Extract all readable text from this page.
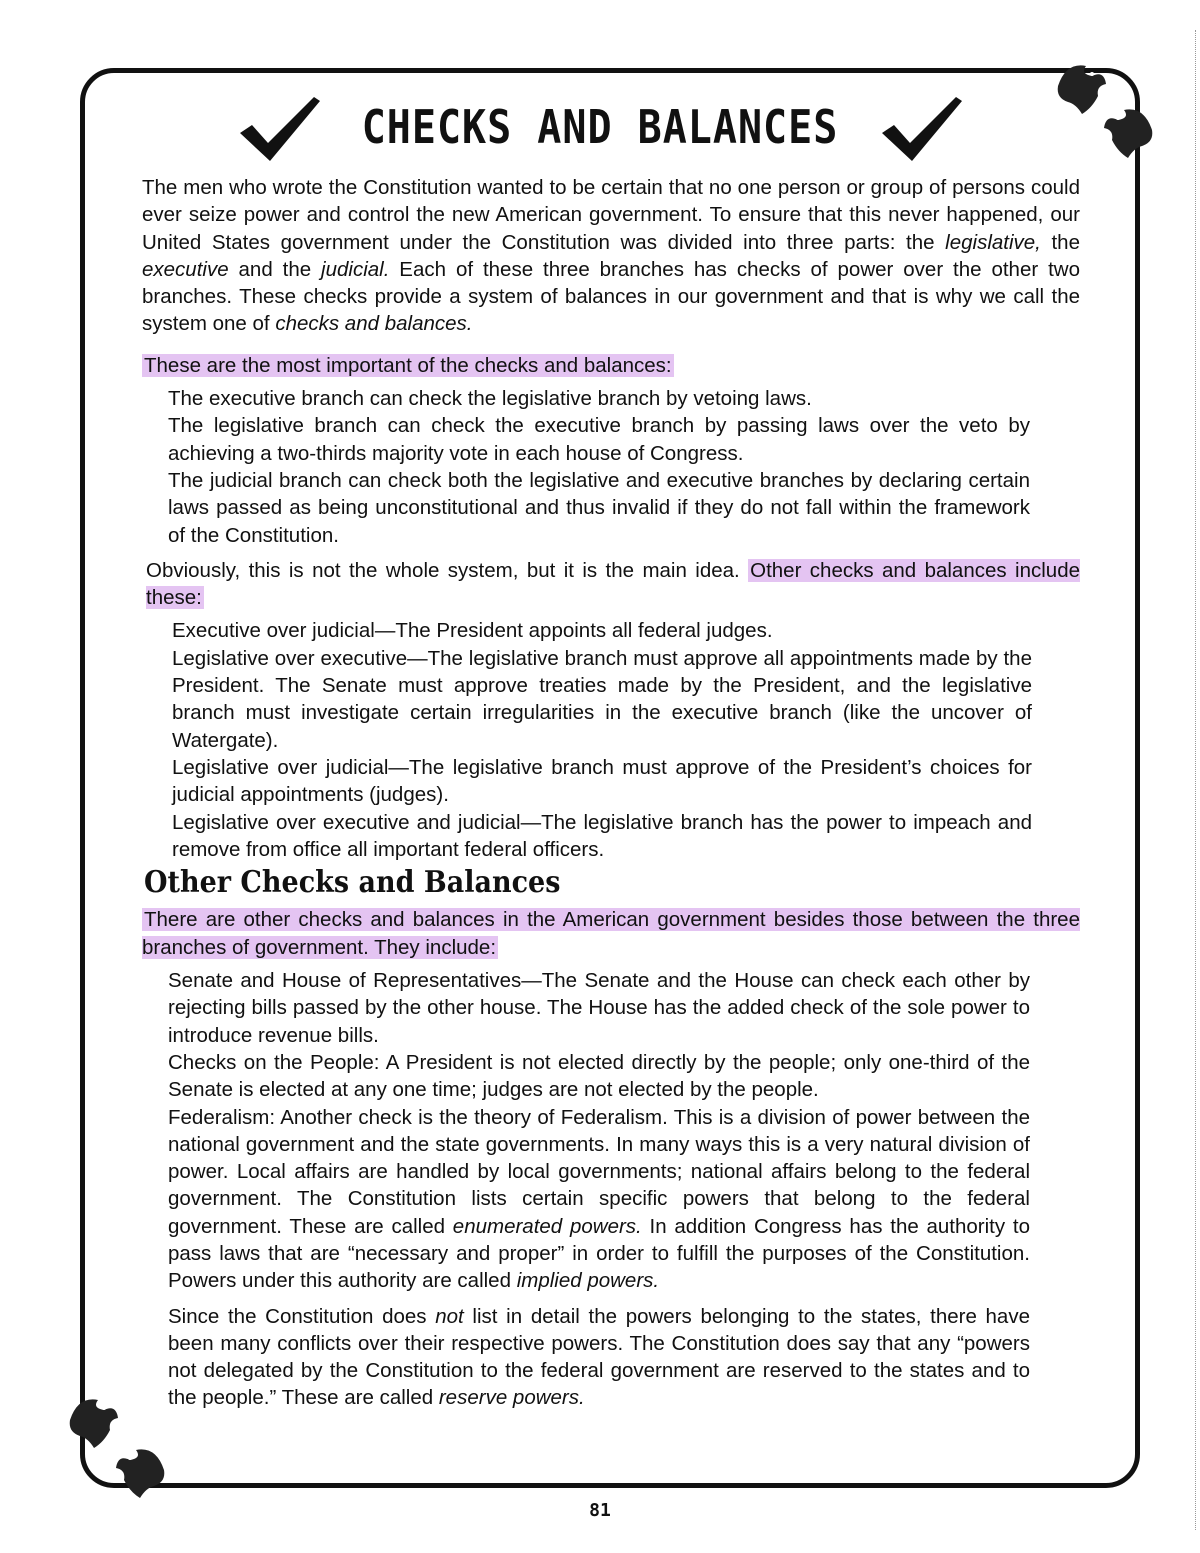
CHECKS AND BALANCES

The men who wrote the Constitution wanted to be certain that no one person or group of persons could ever seize power and control the new American government. To ensure that this never happened, our United States government under the Constitution was divided into three parts: the legislative, the executive and the judicial. Each of these three branches has checks of power over the other two branches. These checks provide a system of balances in our government and that is why we call the system one of checks and balances.

These are the most important of the checks and balances:

The executive branch can check the legislative branch by vetoing laws.

The legislative branch can check the executive branch by passing laws over the veto by achieving a two-thirds majority vote in each house of Congress.

The judicial branch can check both the legislative and executive branches by declaring certain laws passed as being unconstitutional and thus invalid if they do not fall within the framework of the Constitution.

Obviously, this is not the whole system, but it is the main idea. Other checks and balances include these:

Executive over judicial—The President appoints all federal judges.

Legislative over executive—The legislative branch must approve all appointments made by the President. The Senate must approve treaties made by the President, and the legislative branch must investigate certain irregularities in the executive branch (like the uncover of Watergate).

Legislative over judicial—The legislative branch must approve of the President’s choices for judicial appointments (judges).

Legislative over executive and judicial—The legislative branch has the power to impeach and remove from office all important federal officers.

Other Checks and Balances

There are other checks and balances in the American government besides those between the three branches of government. They include:

Senate and House of Representatives—The Senate and the House can check each other by rejecting bills passed by the other house. The House has the added check of the sole power to introduce revenue bills.

Checks on the People: A President is not elected directly by the people; only one-third of the Senate is elected at any one time; judges are not elected by the people.

Federalism: Another check is the theory of Federalism. This is a division of power between the national government and the state governments. In many ways this is a very natural division of power. Local affairs are handled by local governments; national affairs belong to the federal government. The Constitution lists certain specific powers that belong to the federal government. These are called enumerated powers. In addition Congress has the authority to pass laws that are “necessary and proper” in order to fulfill the purposes of the Constitution. Powers under this authority are called implied powers.

Since the Constitution does not list in detail the powers belonging to the states, there have been many conflicts over their respective powers. The Constitution does say that any “powers not delegated by the Constitution to the federal government are reserved to the states and to the people.” These are called reserve powers.

81
